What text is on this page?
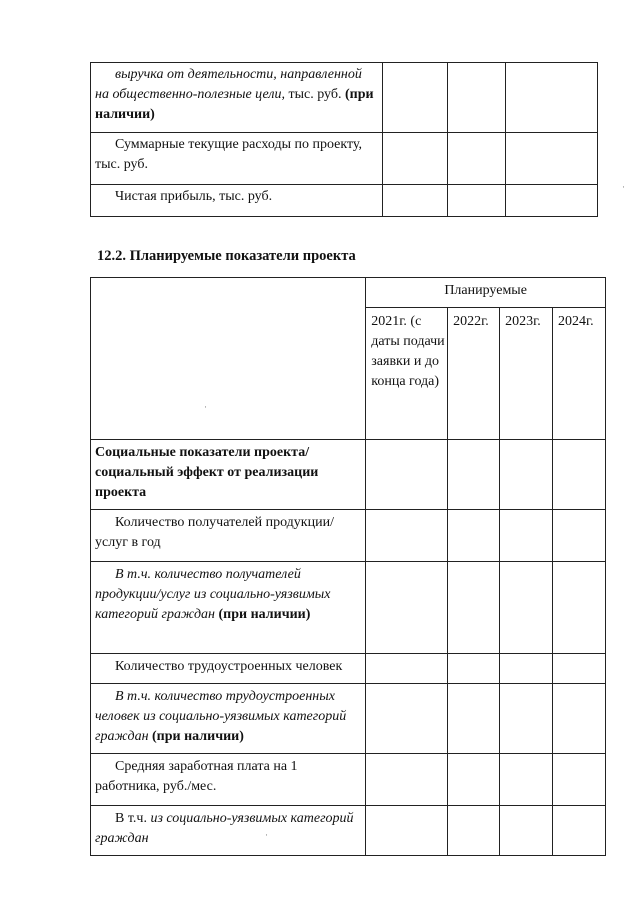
выручка от деятельности, направленной на общественно-полезные цели, тыс. руб. (при наличии)			
Суммарные текущие расходы по проекту, тыс. руб.			
Чистая прибыль, тыс. руб.			
12.2. Планируемые показатели проекта
	Планируемые			
	2021г. (с даты подачи заявки и до конца года)	2022г.	2023г.	2024г.
Социальные показатели проекта/социальный эффект от реализации проекта				
Количество получателей продукции/услуг в год				
В т.ч. количество получателей продукции/услуг из социально-уязвимых категорий граждан (при наличии)				
Количество трудоустроенных человек				
В т.ч. количество трудоустроенных человек из социально-уязвимых категорий граждан (при наличии)				
Средняя заработная плата на 1 работника, руб./мес.				
В т.ч. из социально-уязвимых категорий граждан				
·
·
·
